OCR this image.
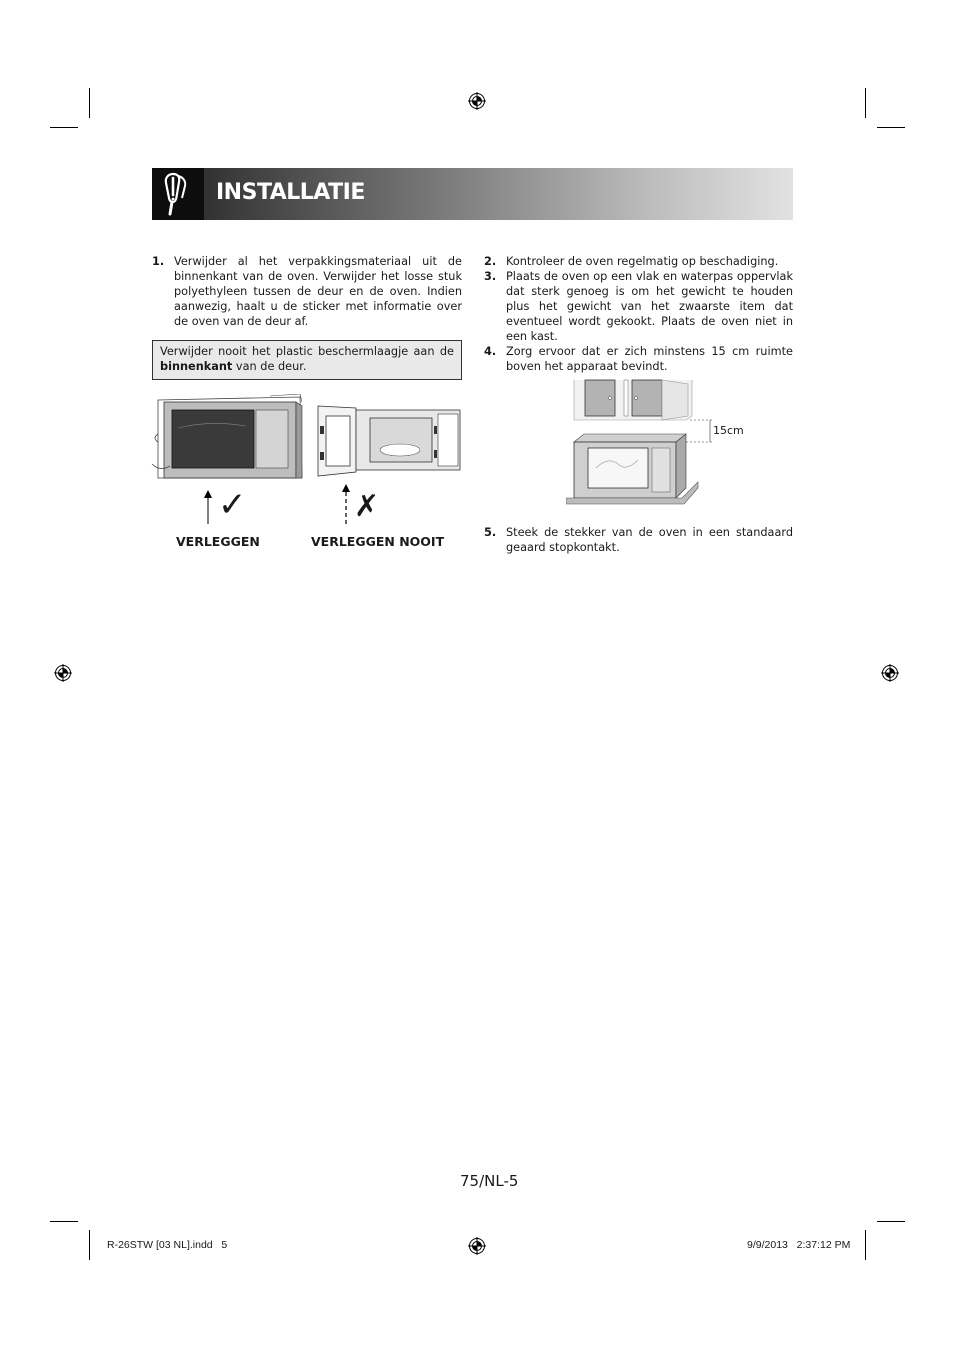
INSTALLATIE
1. Verwijder al het verpakkingsmateriaal uit de binnenkant van de oven. Verwijder het losse stuk polyethyleen tussen de deur en de oven. Indien aanwezig, haalt u de sticker met informatie over de oven van de deur af.
Verwijder nooit het plastic beschermlaagje aan de binnenkant van de deur.
✓	✗
VERLEGGEN	VERLEGGEN NOOIT
2. Kontroleer de oven regelmatig op beschadiging.
3. Plaats de oven op een vlak en waterpas oppervlak dat sterk genoeg is om het gewicht te houden plus het gewicht van het zwaarste item dat eventueel wordt gekookt. Plaats de oven niet in een kast.
4. Zorg ervoor dat er zich minstens 15 cm ruimte boven het apparaat bevindt.
15cm
5. Steek de stekker van de oven in een standaard geaard stopkontakt.
75/NL-5
R-26STW [03 NL].indd   5	9/9/2013   2:37:12 PM
